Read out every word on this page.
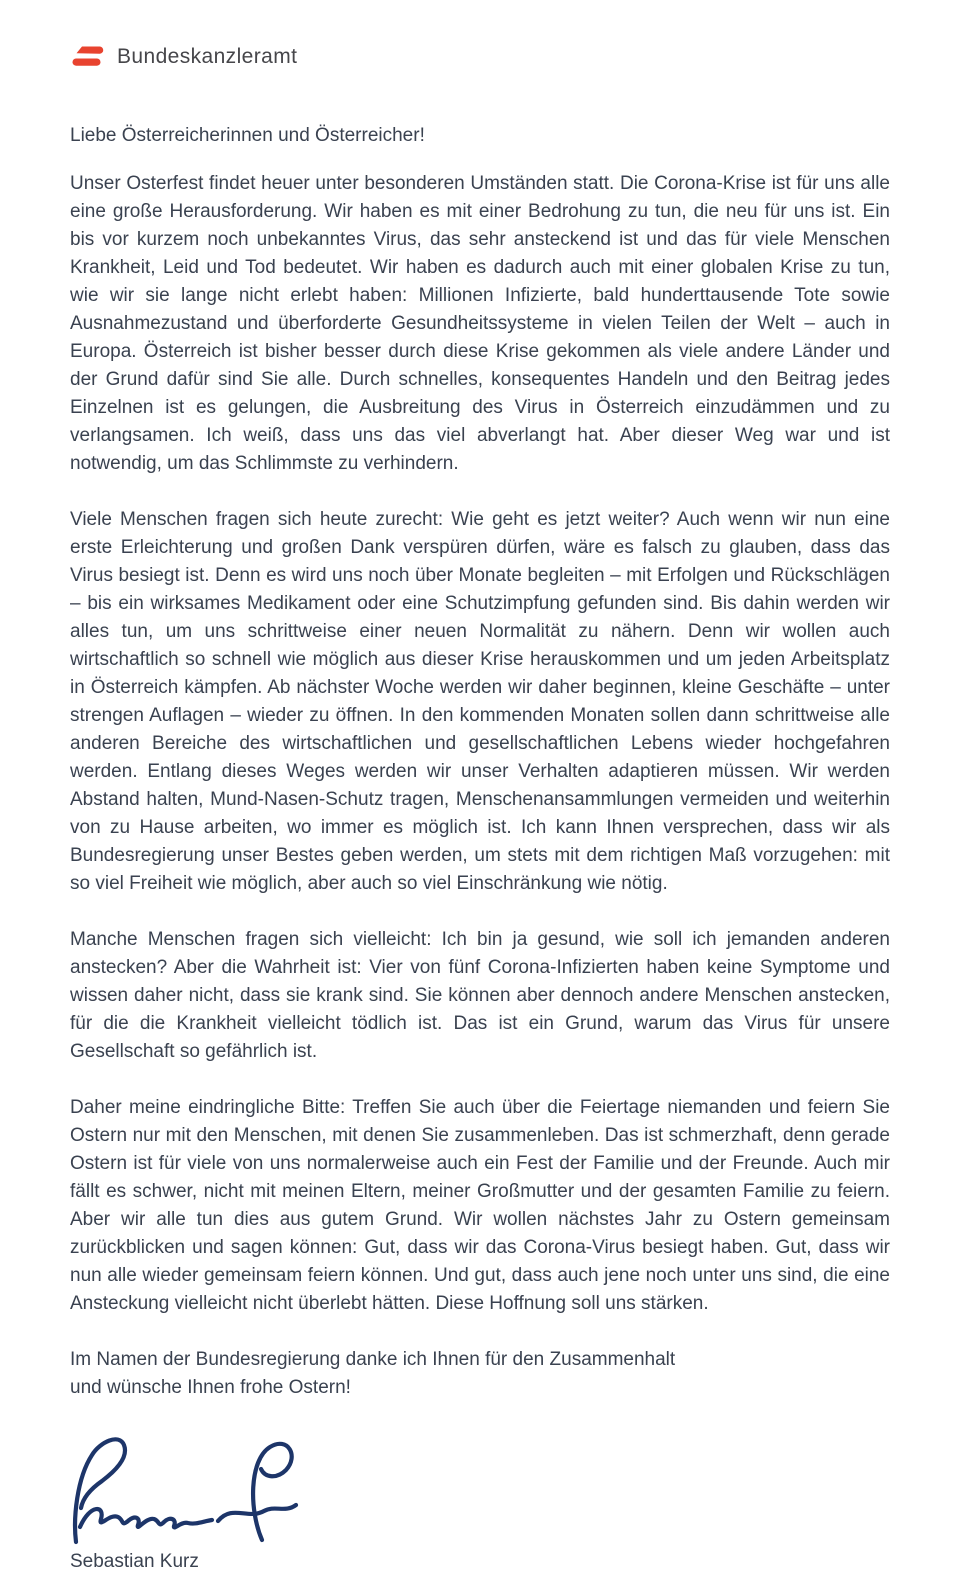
Bundeskanzleramt

Liebe Österreicherinnen und Österreicher!

Unser Osterfest findet heuer unter besonderen Umständen statt. Die Corona-Krise ist für uns alle eine große Herausforderung. Wir haben es mit einer Bedrohung zu tun, die neu für uns ist. Ein bis vor kurzem noch unbekanntes Virus, das sehr ansteckend ist und das für viele Menschen Krankheit, Leid und Tod bedeutet. Wir haben es dadurch auch mit einer globalen Krise zu tun, wie wir sie lange nicht erlebt haben: Millionen Infizierte, bald hunderttausende Tote sowie Ausnahmezustand und überforderte Gesundheitssysteme in vielen Teilen der Welt – auch in Europa. Österreich ist bisher besser durch diese Krise gekommen als viele andere Länder und der Grund dafür sind Sie alle. Durch schnelles, konsequentes Handeln und den Beitrag jedes Einzelnen ist es gelungen, die Ausbreitung des Virus in Österreich einzudämmen und zu verlangsamen. Ich weiß, dass uns das viel abverlangt hat. Aber dieser Weg war und ist notwendig, um das Schlimmste zu verhindern.

Viele Menschen fragen sich heute zurecht: Wie geht es jetzt weiter? Auch wenn wir nun eine erste Erleichterung und großen Dank verspüren dürfen, wäre es falsch zu glauben, dass das Virus besiegt ist. Denn es wird uns noch über Monate begleiten – mit Erfolgen und Rückschlägen – bis ein wirksames Medikament oder eine Schutzimpfung gefunden sind. Bis dahin werden wir alles tun, um uns schrittweise einer neuen Normalität zu nähern. Denn wir wollen auch wirtschaftlich so schnell wie möglich aus dieser Krise herauskommen und um jeden Arbeitsplatz in Österreich kämpfen. Ab nächster Woche werden wir daher beginnen, kleine Geschäfte – unter strengen Auflagen – wieder zu öffnen. In den kommenden Monaten sollen dann schrittweise alle anderen Bereiche des wirtschaftlichen und gesellschaftlichen Lebens wieder hochgefahren werden. Entlang dieses Weges werden wir unser Verhalten adaptieren müssen. Wir werden Abstand halten, Mund-Nasen-Schutz tragen, Menschenansammlungen vermeiden und weiterhin von zu Hause arbeiten, wo immer es möglich ist. Ich kann Ihnen versprechen, dass wir als Bundesregierung unser Bestes geben werden, um stets mit dem richtigen Maß vorzugehen: mit so viel Freiheit wie möglich, aber auch so viel Einschränkung wie nötig.

Manche Menschen fragen sich vielleicht: Ich bin ja gesund, wie soll ich jemanden anderen anstecken? Aber die Wahrheit ist: Vier von fünf Corona-Infizierten haben keine Symptome und wissen daher nicht, dass sie krank sind. Sie können aber dennoch andere Menschen anstecken, für die die Krankheit vielleicht tödlich ist. Das ist ein Grund, warum das Virus für unsere Gesellschaft so gefährlich ist.

Daher meine eindringliche Bitte: Treffen Sie auch über die Feiertage niemanden und feiern Sie Ostern nur mit den Menschen, mit denen Sie zusammenleben. Das ist schmerzhaft, denn gerade Ostern ist für viele von uns normalerweise auch ein Fest der Familie und der Freunde. Auch mir fällt es schwer, nicht mit meinen Eltern, meiner Großmutter und der gesamten Familie zu feiern. Aber wir alle tun dies aus gutem Grund. Wir wollen nächstes Jahr zu Ostern gemeinsam zurückblicken und sagen können: Gut, dass wir das Corona-Virus besiegt haben. Gut, dass wir nun alle wieder gemeinsam feiern können. Und gut, dass auch jene noch unter uns sind, die eine Ansteckung vielleicht nicht überlebt hätten. Diese Hoffnung soll uns stärken.

Im Namen der Bundesregierung danke ich Ihnen für den Zusammenhalt

und wünsche Ihnen frohe Ostern!

Sebastian Kurz
